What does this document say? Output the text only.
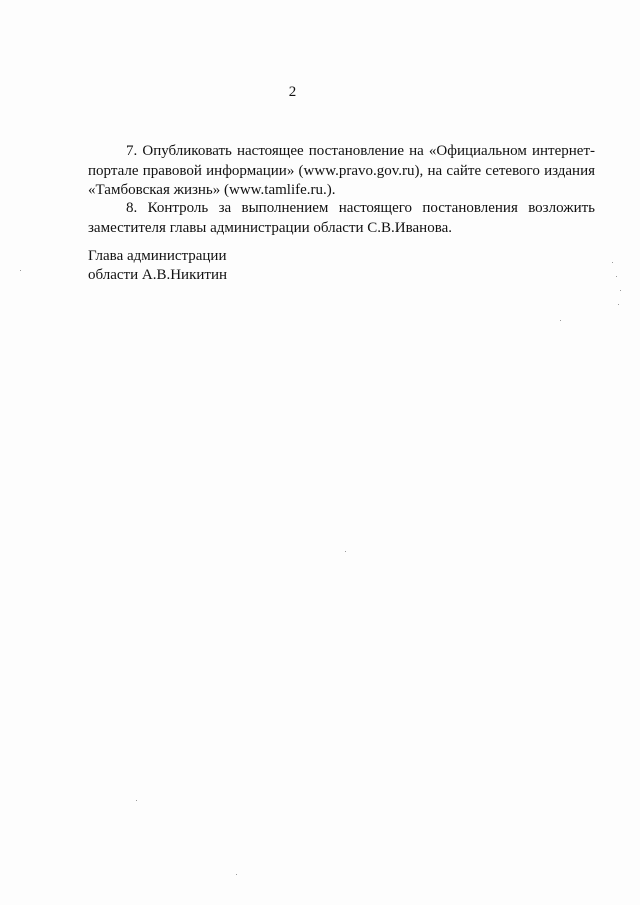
2

7. Опубликовать настоящее постановление на «Официальном интернет-портале правовой информации» (www.pravo.gov.ru), на сайте сетевого издания «Тамбовская жизнь» (www.tamlife.ru.).

8. Контроль за выполнением настоящего постановления возложить заместителя главы администрации области С.В.Иванова.

Глава администрации
области А.В.Никитин
